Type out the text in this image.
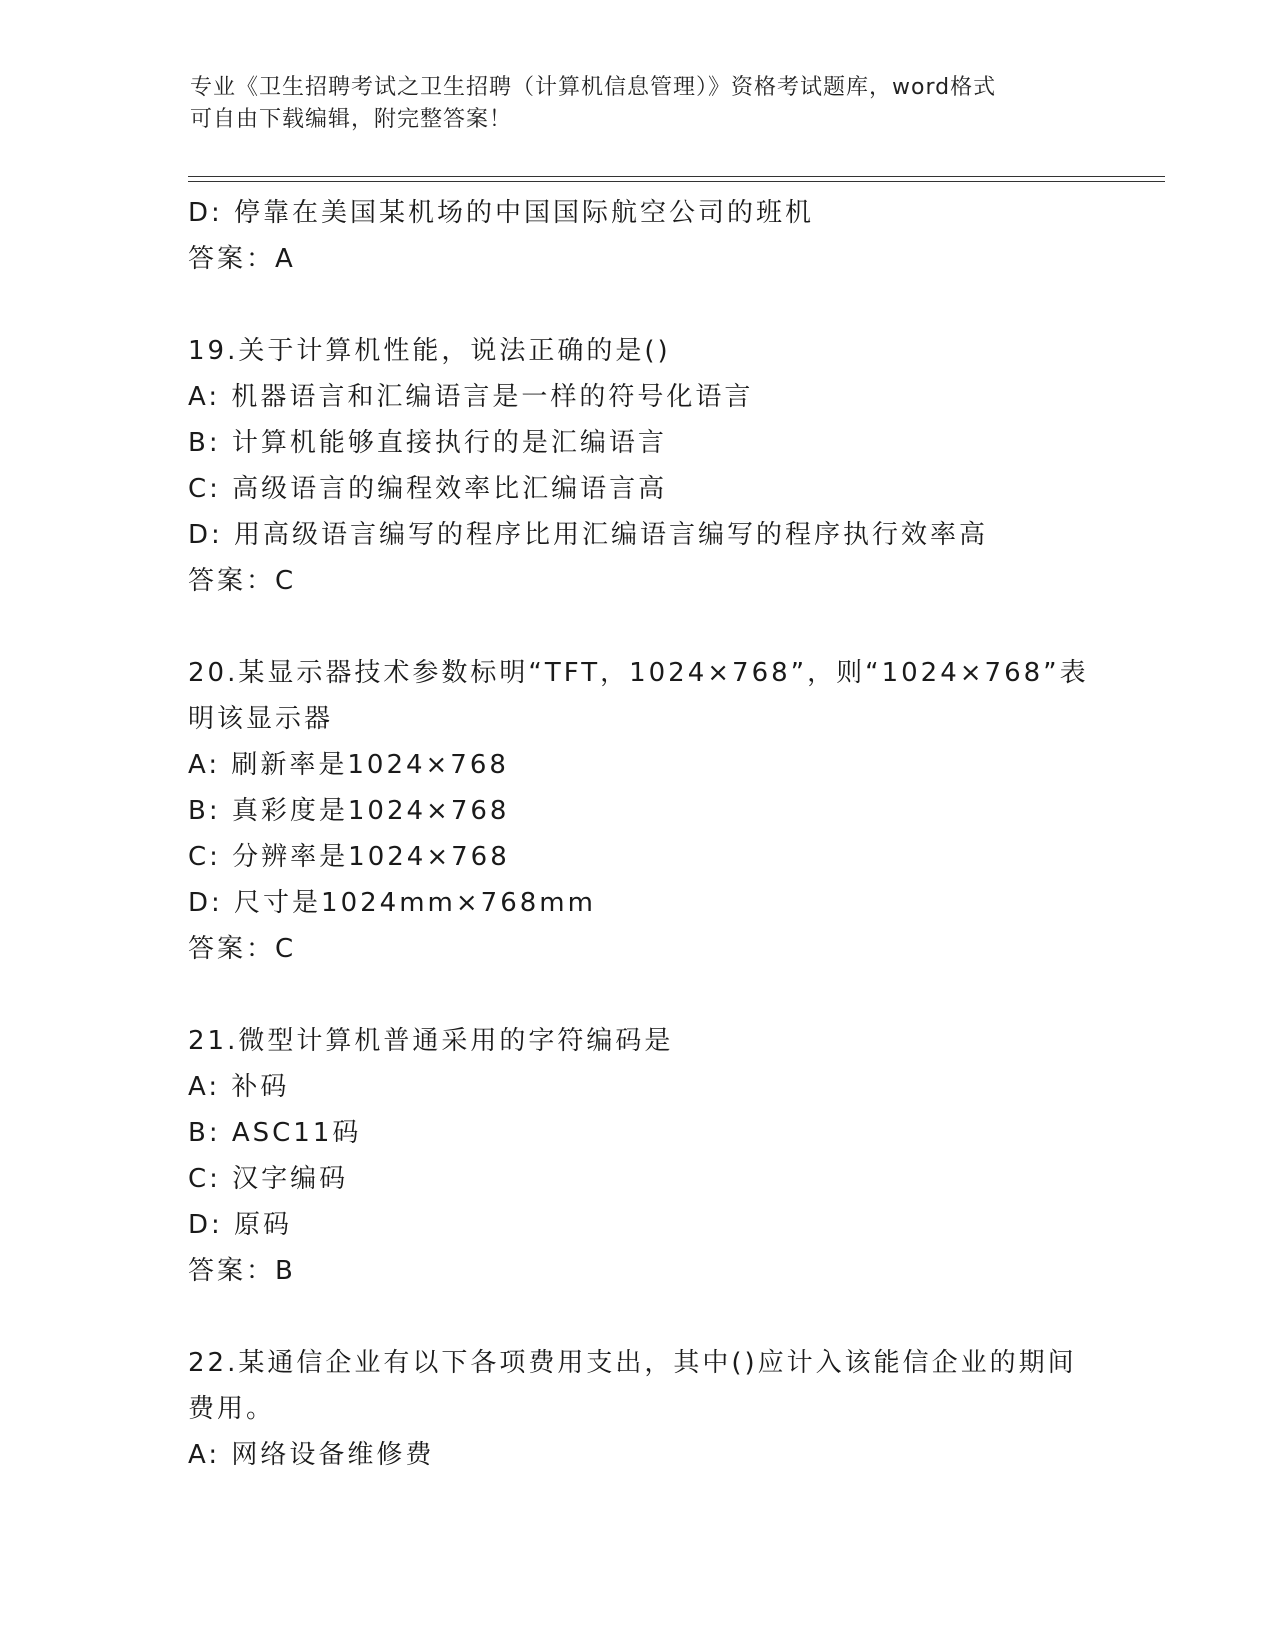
专业《卫生招聘考试之卫生招聘（计算机信息管理）》资格考试题库，word格式
可自由下载编辑，附完整答案！
D: 停靠在美国某机场的中国国际航空公司的班机
答案：A
19.关于计算机性能，说法正确的是()
A: 机器语言和汇编语言是一样的符号化语言
B: 计算机能够直接执行的是汇编语言
C: 高级语言的编程效率比汇编语言高
D: 用高级语言编写的程序比用汇编语言编写的程序执行效率高
答案：C
20.某显示器技术参数标明“TFT，1024×768”，则“1024×768”表
明该显示器
A: 刷新率是1024×768
B: 真彩度是1024×768
C: 分辨率是1024×768
D: 尺寸是1024mm×768mm
答案：C
21.微型计算机普通采用的字符编码是
A: 补码
B: ASC11码
C: 汉字编码
D: 原码
答案：B
22.某通信企业有以下各项费用支出，其中()应计入该能信企业的期间
费用。
A: 网络设备维修费
